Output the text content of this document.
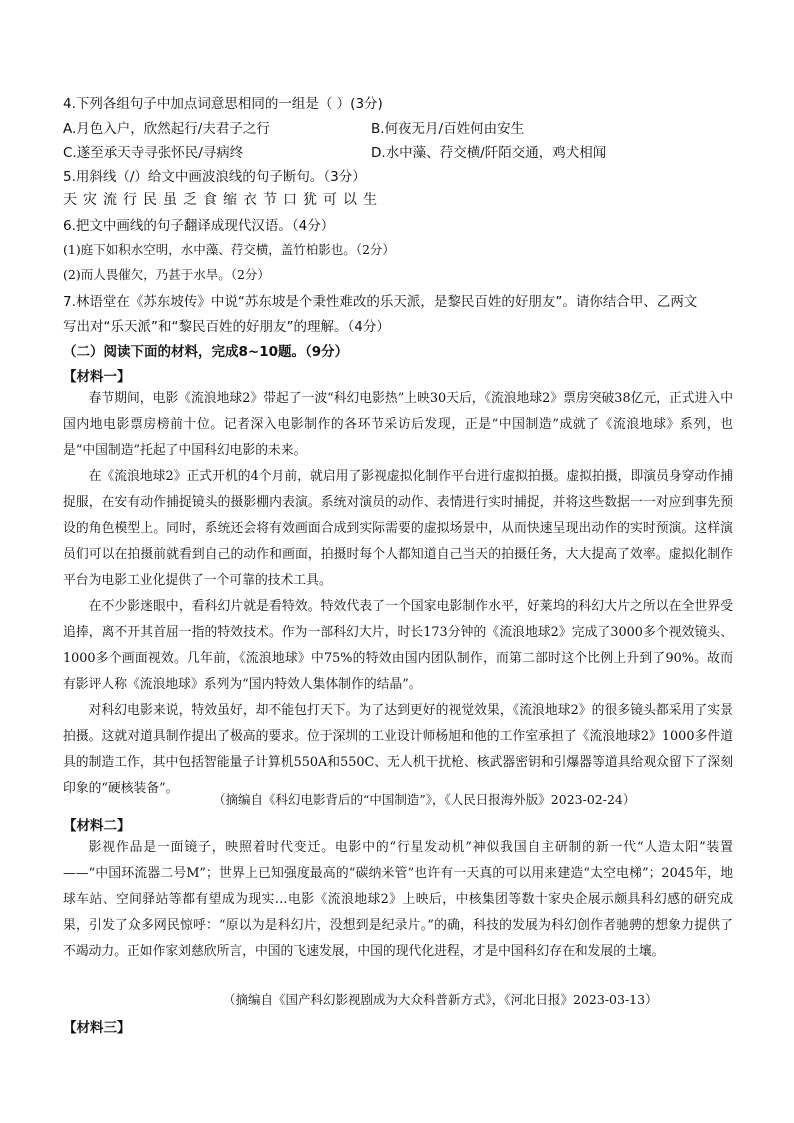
4.下列各组句子中加点词意思相同的一组是（ ）(3分)

A.月色入户，欣然起行/夫君子之行	B.何夜无月/百姓何由安生

C.遂至承天寺寻张怀民/寻病终	D.水中藻、荇交横/阡陌交通，鸡犬相闻

5.用斜线（/）给文中画波浪线的句子断句。（3分）

天灾流行民虽乏食缩衣节口犹可以生

6.把文中画线的句子翻译成现代汉语。（4分）

(1)庭下如积水空明，水中藻、荇交横，盖竹柏影也。（2分）

(2)而人畏催欠，乃甚于水旱。（2分）

7.林语堂在《苏东坡传》中说“苏东坡是个秉性难改的乐天派，是黎民百姓的好朋友”。请你结合甲、乙两文

写出对“乐天派”和“黎民百姓的好朋友”的理解。（4分）

（二）阅读下面的材料，完成8~10题。（9分）

【材料一】

春节期间，电影《流浪地球2》带起了一波“科幻电影热”上映30天后，《流浪地球2》票房突破38亿元，正式进入中国内地电影票房榜前十位。记者深入电影制作的各环节采访后发现，正是“中国制造”成就了《流浪地球》系列，也是“中国制造”托起了中国科幻电影的未来。

在《流浪地球2》正式开机的4个月前，就启用了影视虚拟化制作平台进行虚拟拍摄。虚拟拍摄，即演员身穿动作捕捉服，在安有动作捕捉镜头的摄影棚内表演。系统对演员的动作、表情进行实时捕捉，并将这些数据一一对应到事先预设的角色模型上。同时，系统还会将有效画面合成到实际需要的虚拟场景中，从而快速呈现出动作的实时预演。这样演员们可以在拍摄前就看到自己的动作和画面，拍摄时每个人都知道自己当天的拍摄任务，大大提高了效率。虚拟化制作平台为电影工业化提供了一个可靠的技术工具。

在不少影迷眼中，看科幻片就是看特效。特效代表了一个国家电影制作水平，好莱坞的科幻大片之所以在全世界受追捧，离不开其首屈一指的特效技术。作为一部科幻大片，时长173分钟的《流浪地球2》完成了3000多个视效镜头、1000多个画面视效。几年前，《流浪地球》中75%的特效由国内团队制作，而第二部时这个比例上升到了90%。故而有影评人称《流浪地球》系列为“国内特效人集体制作的结晶”。

对科幻电影来说，特效虽好，却不能包打天下。为了达到更好的视觉效果，《流浪地球2》的很多镜头都采用了实景拍摄。这就对道具制作提出了极高的要求。位于深圳的工业设计师杨旭和他的工作室承担了《流浪地球2》1000多件道具的制造工作，其中包括智能量子计算机550A和550C、无人机干扰枪、核武器密钥和引爆器等道具给观众留下了深刻印象的“硬核装备”。

（摘编自《科幻电影背后的“中国制造”》，《人民日报海外版》2023-02-24）

【材料二】

影视作品是一面镜子，映照着时代变迁。电影中的“行星发动机”神似我国自主研制的新一代“人造太阳”装置——“中国环流器二号M”；世界上已知强度最高的“碳纳米管”也许有一天真的可以用来建造“太空电梯”；2045年，地球车站、空间驿站等都有望成为现实…电影《流浪地球2》上映后，中核集团等数十家央企展示颇具科幻感的研究成果，引发了众多网民惊呼：“原以为是科幻片，没想到是纪录片。”的确，科技的发展为科幻创作者驰骋的想象力提供了不竭动力。正如作家刘慈欣所言，中国的飞速发展，中国的现代化进程，才是中国科幻存在和发展的土壤。

（摘编自《国产科幻影视剧成为大众科普新方式》，《河北日报》2023-03-13）

【材料三】
